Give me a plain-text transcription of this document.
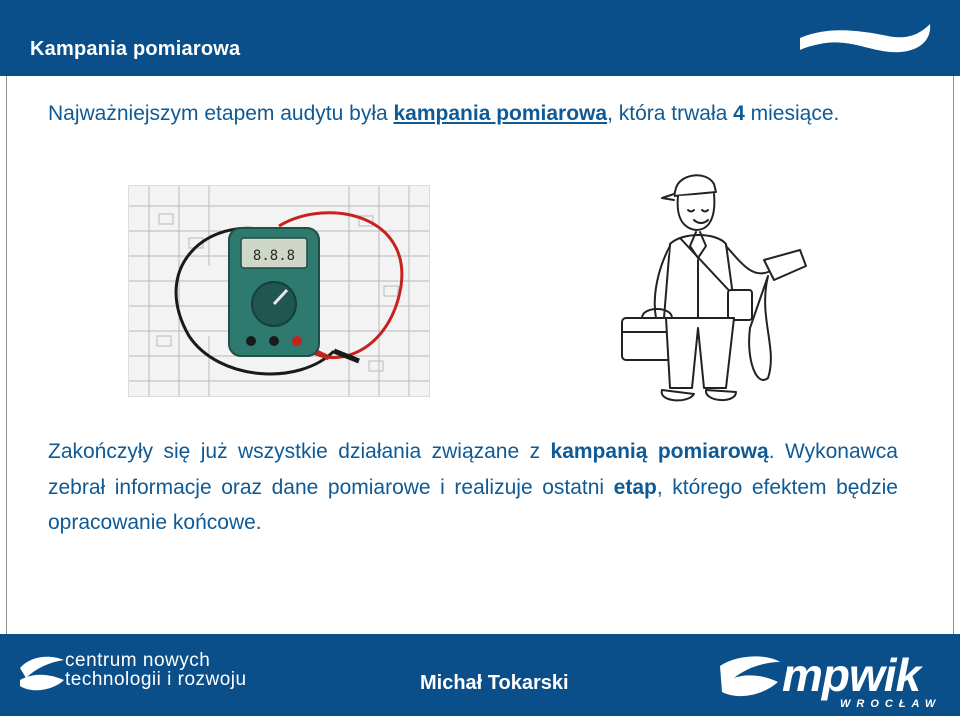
Kampania pomiarowa
Najważniejszym etapem audytu była kampania pomiarowa, która trwała 4 miesiące.
8.8.8
Zakończyły się już wszystkie działania związane z kampanią pomiarową. Wykonawca zebrał informacje oraz dane pomiarowe i realizuje ostatni etap, którego efektem będzie opracowanie końcowe.
centrum nowych
technologii i rozwoju	Michał Tokarski	mpwik
WROCŁAW
